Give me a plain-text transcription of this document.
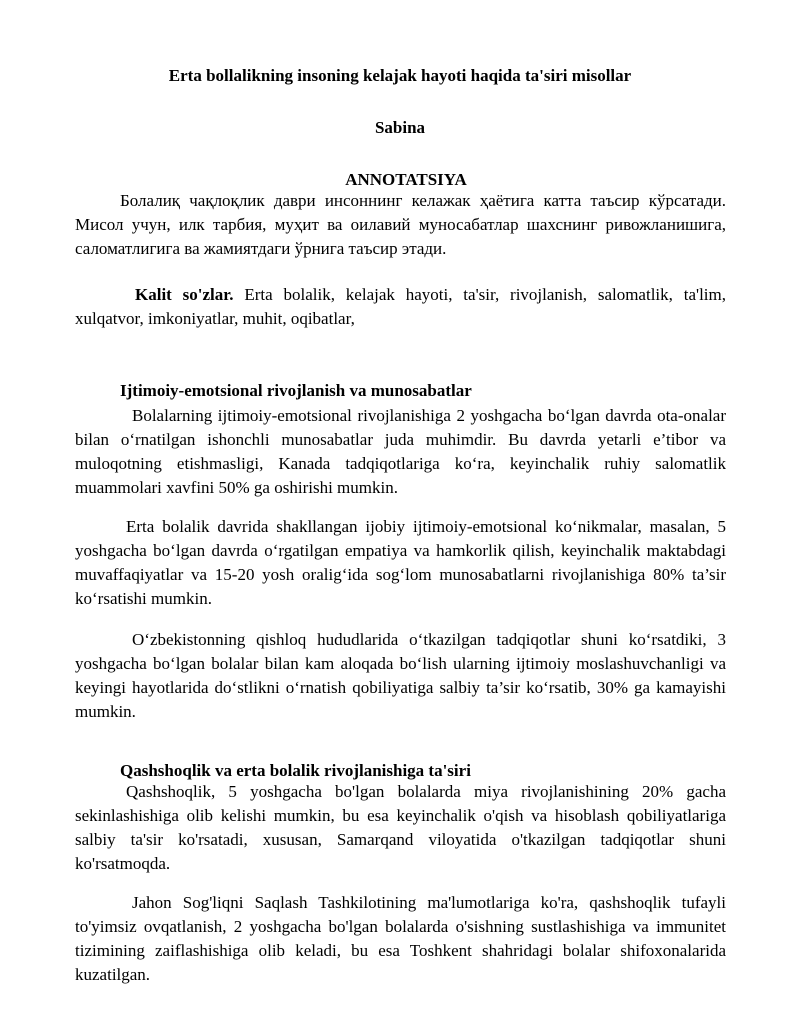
Erta bollalikning insoning kelajak hayoti haqida ta'siri misollar
Sabina
ANNOTATSIYA

Болалиқ чақлоқлик даври инсоннинг келажак ҳаётига катта таъсир кўрсатади. Мисол учун, илк тарбия, муҳит ва оилавий муносабатлар шахснинг ривожланишига, саломатлигига ва жамиятдаги ўрнига таъсир этади.

Kalit so'zlar. Erta bolalik, kelajak hayoti, ta'sir, rivojlanish, salomatlik, ta'lim, xulqatvor, imkoniyatlar, muhit, oqibatlar,

Ijtimoiy-emotsional rivojlanish va munosabatlar

Bolalarning ijtimoiy-emotsional rivojlanishiga 2 yoshgacha bo‘lgan davrda ota-onalar bilan o‘rnatilgan ishonchli munosabatlar juda muhimdir. Bu davrda yetarli e’tibor va muloqotning etishmasligi, Kanada tadqiqotlariga ko‘ra, keyinchalik ruhiy salomatlik muammolari xavfini 50% ga oshirishi mumkin.

Erta bolalik davrida shakllangan ijobiy ijtimoiy-emotsional ko‘nikmalar, masalan, 5 yoshgacha bo‘lgan davrda o‘rgatilgan empatiya va hamkorlik qilish, keyinchalik maktabdagi muvaffaqiyatlar va 15-20 yosh oralig‘ida sog‘lom munosabatlarni rivojlanishiga 80% ta’sir ko‘rsatishi mumkin.

O‘zbekistonning qishloq hududlarida o‘tkazilgan tadqiqotlar shuni ko‘rsatdiki, 3 yoshgacha bo‘lgan bolalar bilan kam aloqada bo‘lish ularning ijtimoiy moslashuvchanligi va keyingi hayotlarida do‘stlikni o‘rnatish qobiliyatiga salbiy ta’sir ko‘rsatib, 30% ga kamayishi mumkin.

Qashshoqlik va erta bolalik rivojlanishiga ta'siri

Qashshoqlik, 5 yoshgacha bo'lgan bolalarda miya rivojlanishining 20% gacha sekinlashishiga olib kelishi mumkin, bu esa keyinchalik o'qish va hisoblash qobiliyatlariga salbiy ta'sir ko'rsatadi, xususan, Samarqand viloyatida o'tkazilgan tadqiqotlar shuni ko'rsatmoqda.

Jahon Sog'liqni Saqlash Tashkilotining ma'lumotlariga ko'ra, qashshoqlik tufayli to'yimsiz ovqatlanish, 2 yoshgacha bo'lgan bolalarda o'sishning sustlashishiga va immunitet tizimining zaiflashishiga olib keladi, bu esa Toshkent shahridagi bolalar shifoxonalarida kuzatilgan.
